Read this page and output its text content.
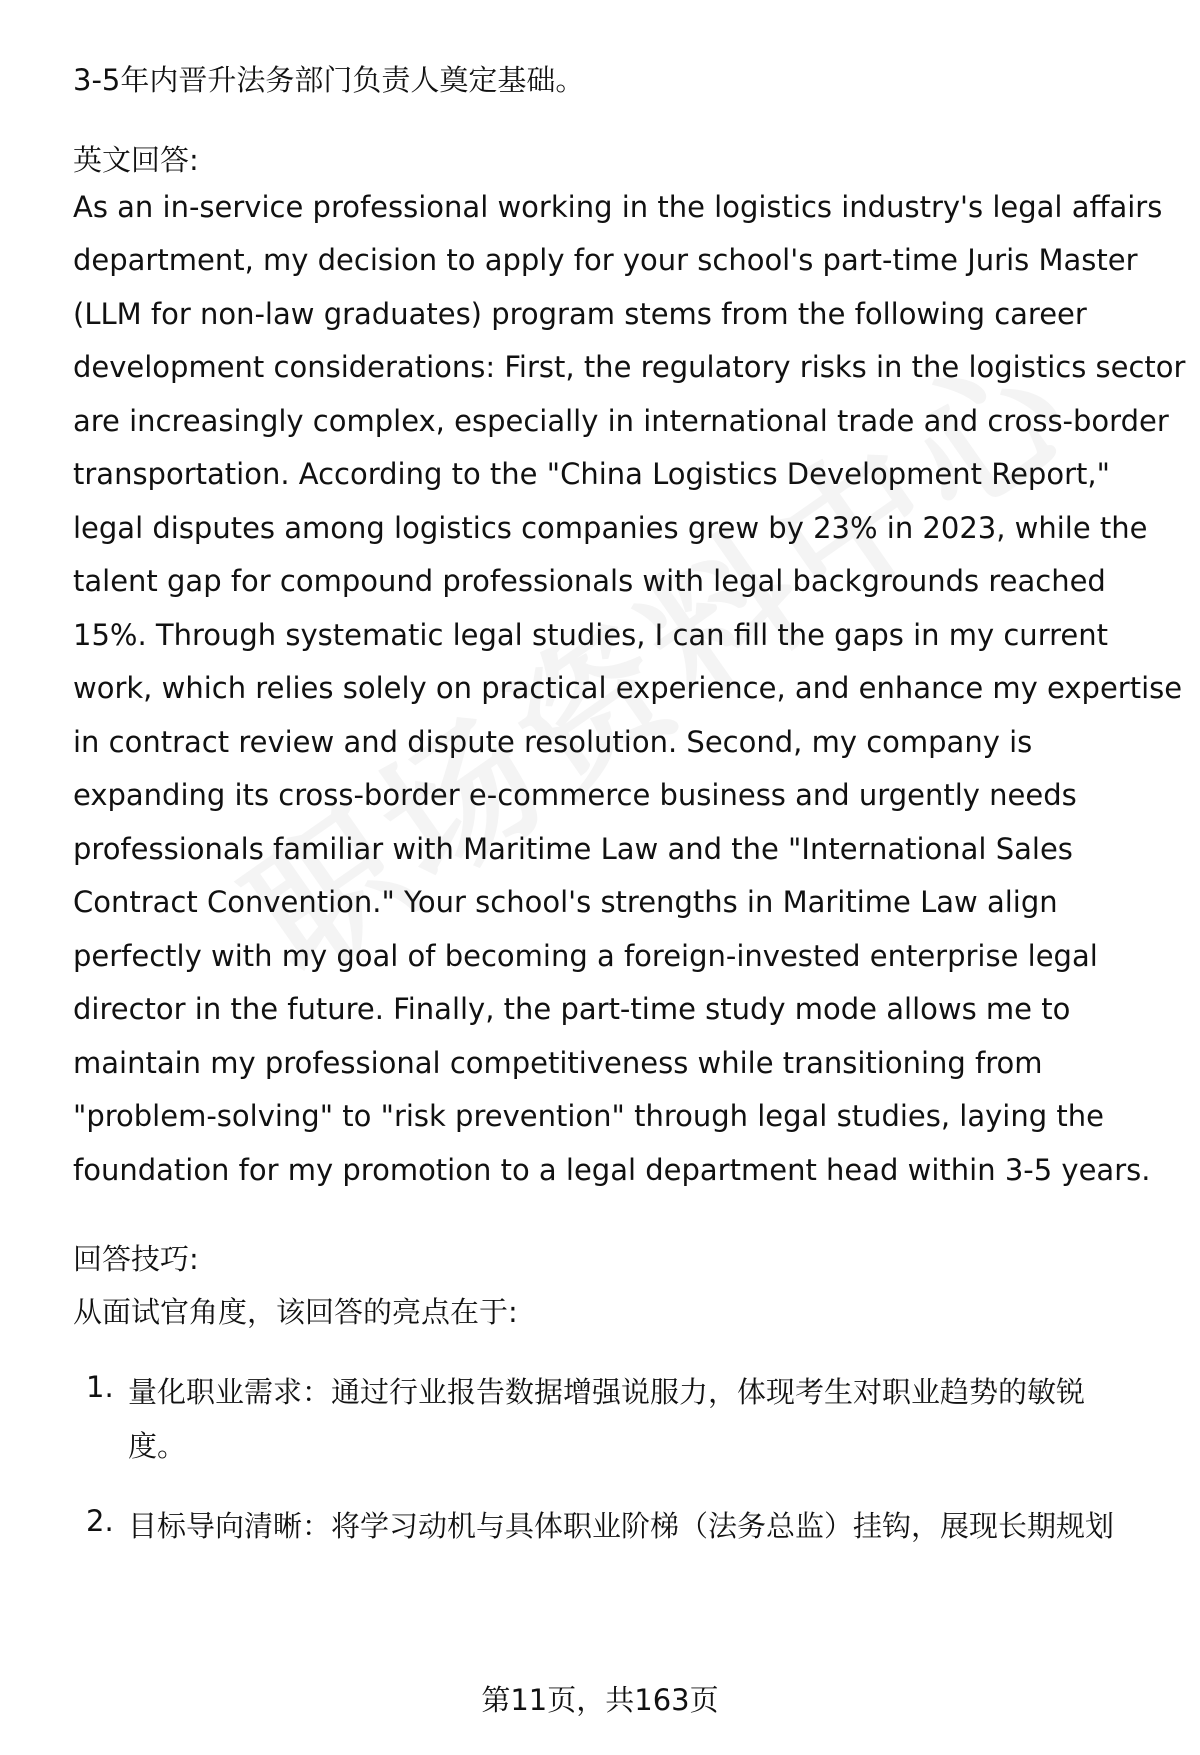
3-5年内晋升法务部门负责人奠定基础。
英文回答:
As an in-service professional working in the logistics industry's legal affairs
department, my decision to apply for your school's part-time Juris Master
(LLM for non-law graduates) program stems from the following career
development considerations: First, the regulatory risks in the logistics sector
are increasingly complex, especially in international trade and cross-border
transportation. According to the "China Logistics Development Report,"
legal disputes among logistics companies grew by 23% in 2023, while the
talent gap for compound professionals with legal backgrounds reached
15%. Through systematic legal studies, I can fill the gaps in my current
work, which relies solely on practical experience, and enhance my expertise
in contract review and dispute resolution. Second, my company is
expanding its cross-border e-commerce business and urgently needs
professionals familiar with Maritime Law and the "International Sales
Contract Convention." Your school's strengths in Maritime Law align
perfectly with my goal of becoming a foreign-invested enterprise legal
director in the future. Finally, the part-time study mode allows me to
maintain my professional competitiveness while transitioning from
"problem-solving" to "risk prevention" through legal studies, laying the
foundation for my promotion to a legal department head within 3-5 years.
回答技巧:
从面试官角度，该回答的亮点在于:
1. 量化职业需求：通过行业报告数据增强说服力，体现考生对职业趋势的敏锐
度。
2. 目标导向清晰：将学习动机与具体职业阶梯（法务总监）挂钩，展现长期规划
第11页，共163页
